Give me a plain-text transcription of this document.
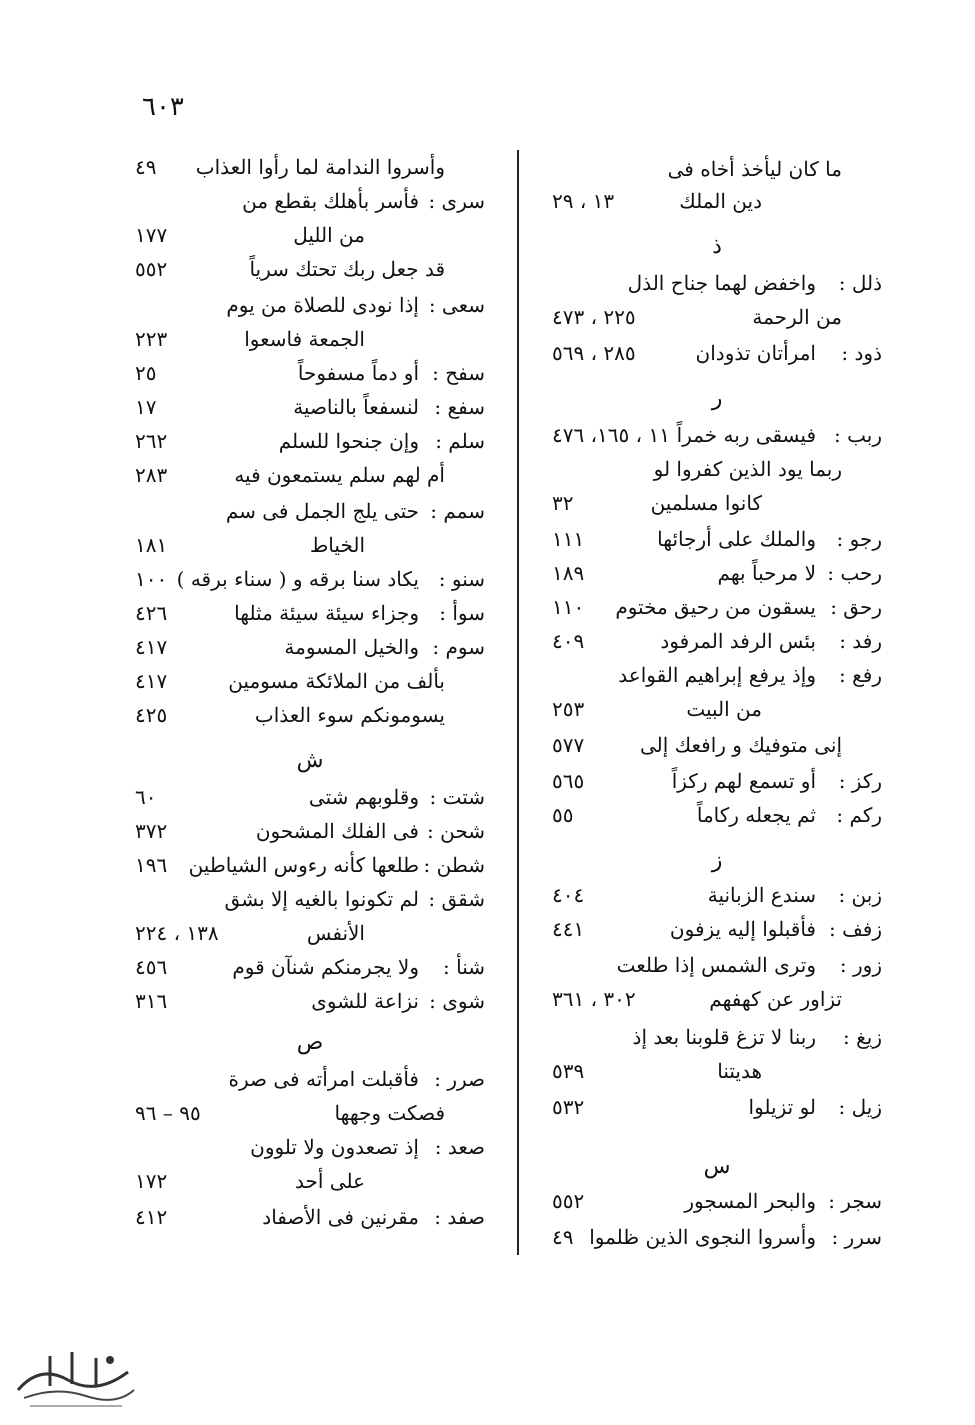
٦٠٣
ما كان ليأخذ أخاه فى
دين الملك
١٣ ، ٢٩
ذ
ذلل :
واخفض لهما جناح الذل
من الرحمة
٢٢٥ ، ٤٧٣
ذود :
امرأتان تذودان
٢٨٥ ، ٥٦٩
ر
ربب :
فيسقى ربه خمراً
١١ ، ١٦٥، ٤٧٦
ربما يود الذين كفروا لو
كانوا مسلمين
٣٢
رجو :
والملك على أرجائها
١١١
رحب :
لا مرحباً بهم
١٨٩
رحق :
يسقون من رحيق مختوم
١١٠
رفد :
بئس الرفد المرفود
٤٠٩
رفع :
وإذ يرفع إبراهيم القواعد
من البيت
٢٥٣
إنى متوفيك و رافعك إلى
٥٧٧
ركز :
أو تسمع لهم ركزاً
٥٦٥
ركم :
ثم يجعله ركاماً
٥٥
ز
زبن :
سندع الزبانية
٤٠٤
زفف :
فأقبلوا إليه يزفون
٤٤١
زور :
وترى الشمس إذا طلعت
تزاور عن كهفهم
٣٠٢ ، ٣٦١
زيغ :
ربنا لا تزغ قلوبنا بعد إذ
هديتنا
٥٣٩
زيل :
لو تزيلوا
٥٣٢
س
سجر :
والبحر المسجور
٥٥٢
سرر :
وأسروا النجوى الذين ظلموا
٤٩
وأسروا الندامة لما رأوا العذاب
٤٩
سرى :
فأسر بأهلك بقطع من
من الليل
١٧٧
قد جعل ربك تحتك سرياً
٥٥٢
سعى :
إذا نودى للصلاة من يوم
الجمعة فاسعوا
٢٢٣
سفح :
أو دماً مسفوحاً
٢٥
سفع :
لنسفعاً بالناصية
١٧
سلم :
وإن جنحوا للسلم
٢٦٢
أم لهم سلم يستمعون فيه
٢٨٣
سمم :
حتى يلج الجمل فى سم
الخياط
١٨١
سنو :
يكاد سنا برقه و ( سناء برقه )
١٠٠
سوأ :
وجزاء سيئة سيئة مثلها
٤٢٦
سوم :
والخيل المسومة
٤١٧
بألف من الملائكة مسومين
٤١٧
يسومونكم سوء العذاب
٤٢٥
ش
شتت :
وقلوبهم شتى
٦٠
شحن :
فى الفلك المشحون
٣٧٢
شطن :
طلعها كأنه رءوس الشياطين
١٩٦
شقق :
لم تكونوا بالغيه إلا بشق
الأنفس
١٣٨ ، ٢٢٤
شنأ :
ولا يجرمنكم شنآن قوم
٤٥٦
شوى :
نزاعة للشوى
٣١٦
ص
صرر :
فأقبلت امرأته فى صرة
فصكت وجهها
٩٥ – ٩٦
صعد :
إذ تصعدون ولا تلوون
على أحد
١٧٢
صفد :
مقرنين فى الأصفاد
٤١٢
